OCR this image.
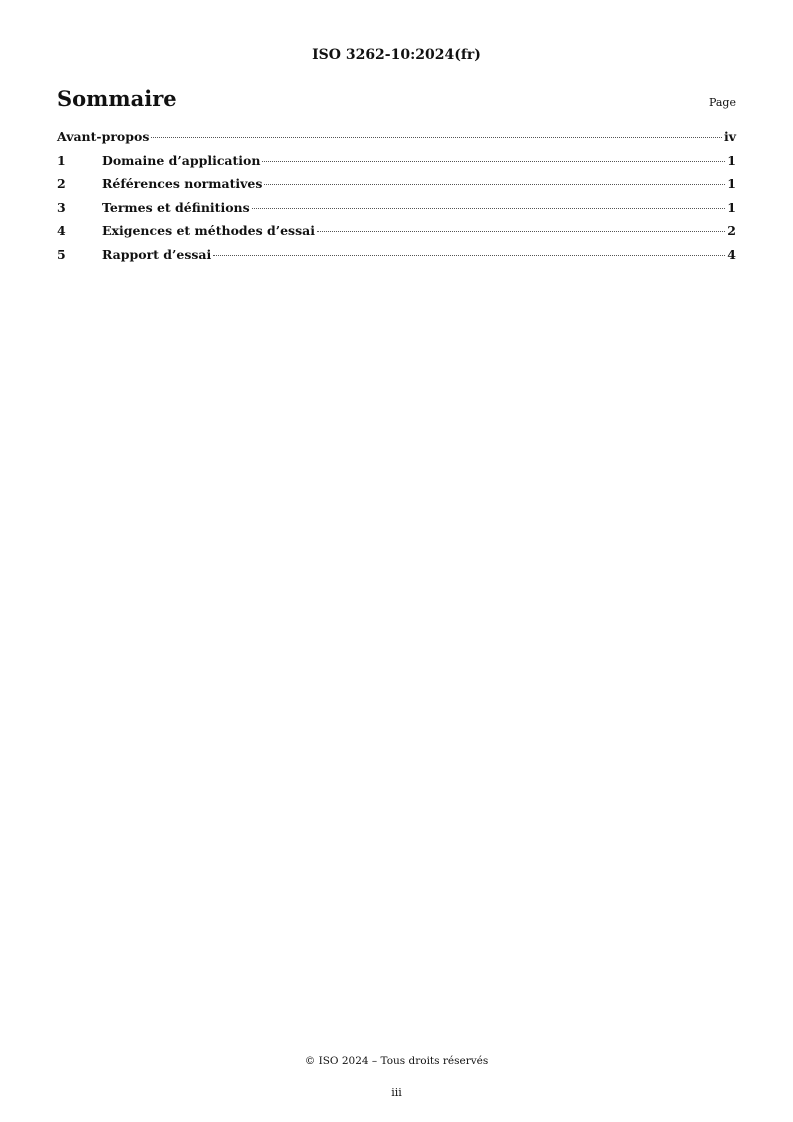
ISO 3262-10:2024(fr)
Sommaire	Page
Avant-propos	iv
1	Domaine d’application	1
2	Références normatives	1
3	Termes et définitions	1
4	Exigences et méthodes d’essai	2
5	Rapport d’essai	4
© ISO 2024 – Tous droits réservés
iii
